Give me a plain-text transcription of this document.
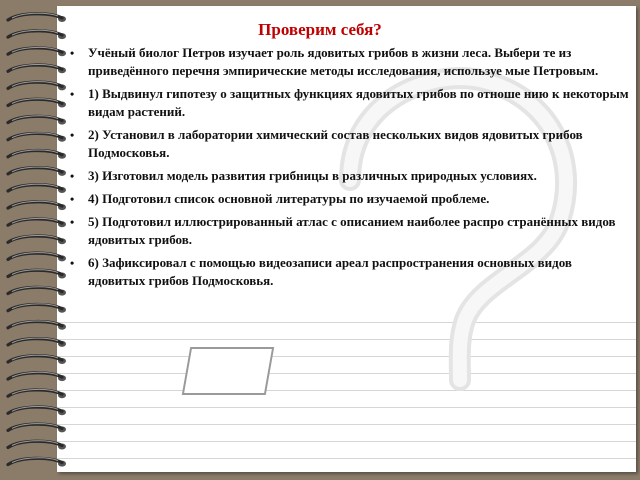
Проверим себя?
• Учёный биолог Петров изучает роль ядовитых грибов в жизни леса. Выбери те из приведённого перечня эмпирические методы исследования, используе мые Петровым.
• 1) Выдвинул гипотезу о защитных функциях ядовитых грибов по отноше нию к некоторым видам растений.
• 2) Установил в лаборатории химический состав нескольких видов ядовитых грибов Подмосковья.
• 3) Изготовил модель развития грибницы в различных природных условиях.
• 4) Подготовил список основной литературы по изучаемой проблеме.
• 5) Подготовил иллюстрированный атлас с описанием наиболее распро странённых видов ядовитых грибов.
• 6) Зафиксировал с помощью видеозаписи ареал распространения основных видов ядовитых грибов Подмосковья.
